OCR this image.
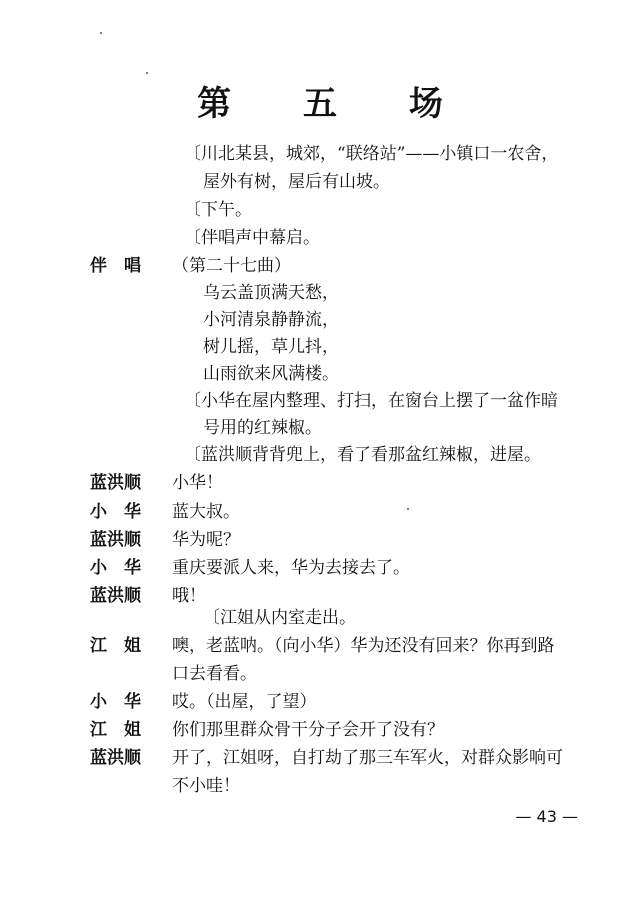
第 五 场
〔川北某县，城郊，“联络站”——小镇口一农舍，
屋外有树，屋后有山坡。
〔下午。
〔伴唱声中幕启。
伴　唱 （第二十七曲）
乌云盖顶满天愁，
小河清泉静静流，
树儿摇，草儿抖，
山雨欲来风满楼。
〔小华在屋内整理、打扫，在窗台上摆了一盆作暗
号用的红辣椒。
〔蓝洪顺背背兜上，看了看那盆红辣椒，进屋。
蓝洪顺 小华！
小　华 蓝大叔。
蓝洪顺 华为呢？
小　华 重庆要派人来，华为去接去了。
蓝洪顺 哦！
〔江姐从内室走出。
江　姐 噢，老蓝呐。（向小华）华为还没有回来？你再到路
口去看看。
小　华 哎。（出屋，了望）
江　姐 你们那里群众骨干分子会开了没有？
蓝洪顺 开了，江姐呀，自打劫了那三车军火，对群众影响可
不小哇！
— 43 —
